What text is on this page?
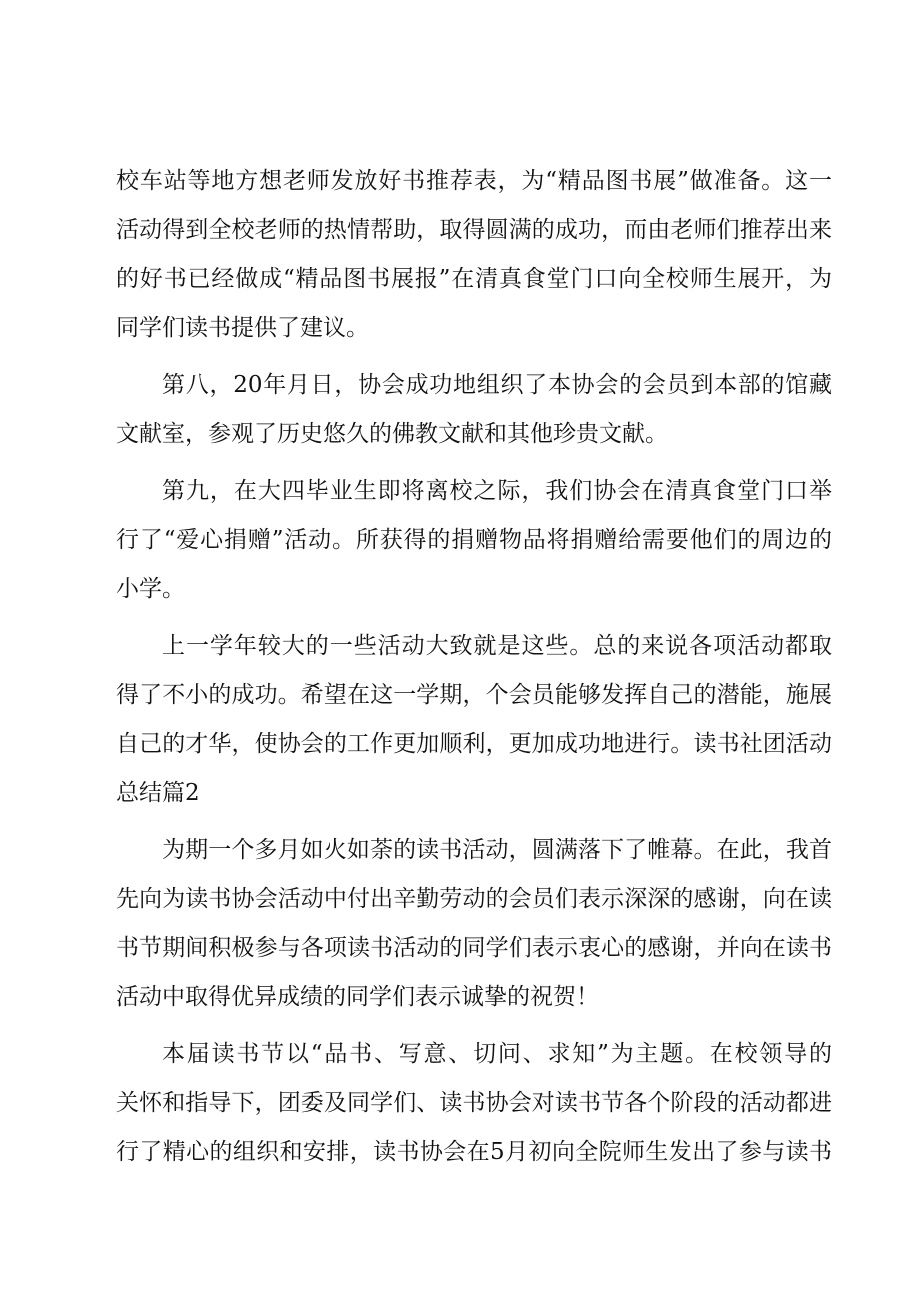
校车站等地方想老师发放好书推荐表，为“精品图书展”做准备。这一
活动得到全校老师的热情帮助，取得圆满的成功，而由老师们推荐出来
的好书已经做成“精品图书展报”在清真食堂门口向全校师生展开，为
同学们读书提供了建议。
第八，20年月日，协会成功地组织了本协会的会员到本部的馆藏
文献室，参观了历史悠久的佛教文献和其他珍贵文献。
第九，在大四毕业生即将离校之际，我们协会在清真食堂门口举
行了“爱心捐赠”活动。所获得的捐赠物品将捐赠给需要他们的周边的
小学。
上一学年较大的一些活动大致就是这些。总的来说各项活动都取
得了不小的成功。希望在这一学期，个会员能够发挥自己的潜能，施展
自己的才华，使协会的工作更加顺利，更加成功地进行。读书社团活动
总结篇2
为期一个多月如火如荼的读书活动，圆满落下了帷幕。在此，我首
先向为读书协会活动中付出辛勤劳动的会员们表示深深的感谢，向在读
书节期间积极参与各项读书活动的同学们表示衷心的感谢，并向在读书
活动中取得优异成绩的同学们表示诚挚的祝贺！
本届读书节以“品书、写意、切问、求知”为主题。在校领导的
关怀和指导下，团委及同学们、读书协会对读书节各个阶段的活动都进
行了精心的组织和安排，读书协会在5月初向全院师生发出了参与读书
